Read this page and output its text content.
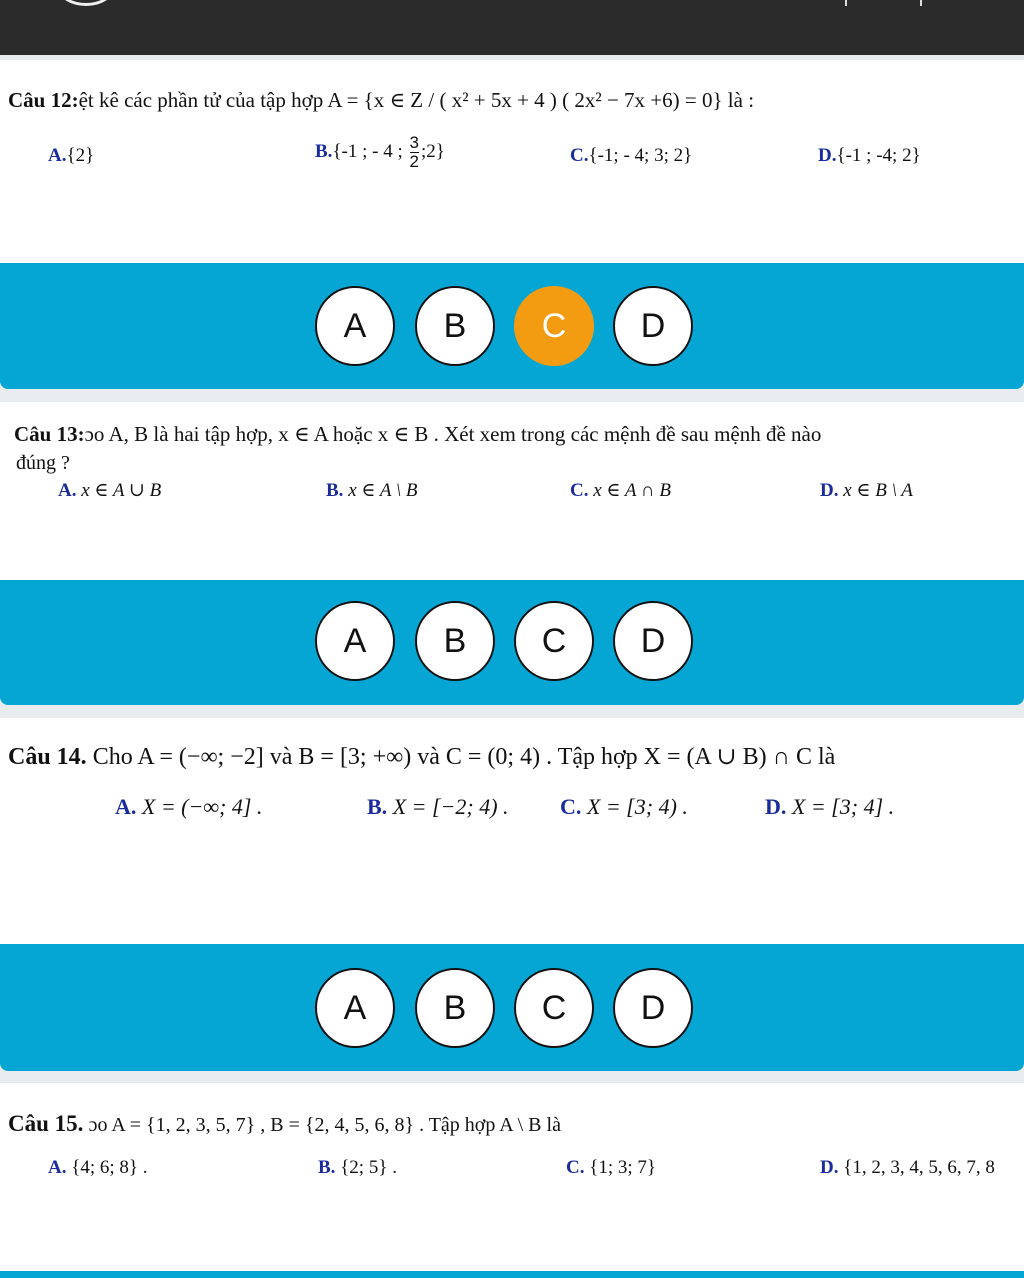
Câu 12:ệt kê các phần tử của tập hợp A = {x ∈ Z / ( x² + 5x + 4 ) ( 2x² − 7x +6) = 0} là :
A.{2}	B.{-1 ; - 4 ; $\frac{3}{2}$ ;2}	C.{-1; - 4; 3; 2}	D.{-1 ; -4; 2}
A	B	C	D
Câu 13:ɔo A, B là hai tập hợp, x ∈ A hoặc x ∈ B . Xét xem trong các mệnh đề sau mệnh đề nào
đúng ?
A. x ∈ A ∪ B	B. x ∈ A \ B	C. x ∈ A ∩ B	D. x ∈ B \ A
A	B	C	D
Câu 14. Cho A = (−∞; −2] và B = [3; +∞) và C = (0; 4) . Tập hợp X = (A ∪ B) ∩ C là
A. X = (−∞; 4] .	B. X = [−2; 4) . C. X = [3; 4) .	D. X = [3; 4] .
A	B	C	D
Câu 15. ɔo A = {1, 2, 3, 5, 7} , B = {2, 4, 5, 6, 8} . Tập hợp A \ B là
A. {4; 6; 8} .	B. {2; 5} .	C. {1; 3; 7}	D. {1, 2, 3, 4, 5, 6, 7, 8
